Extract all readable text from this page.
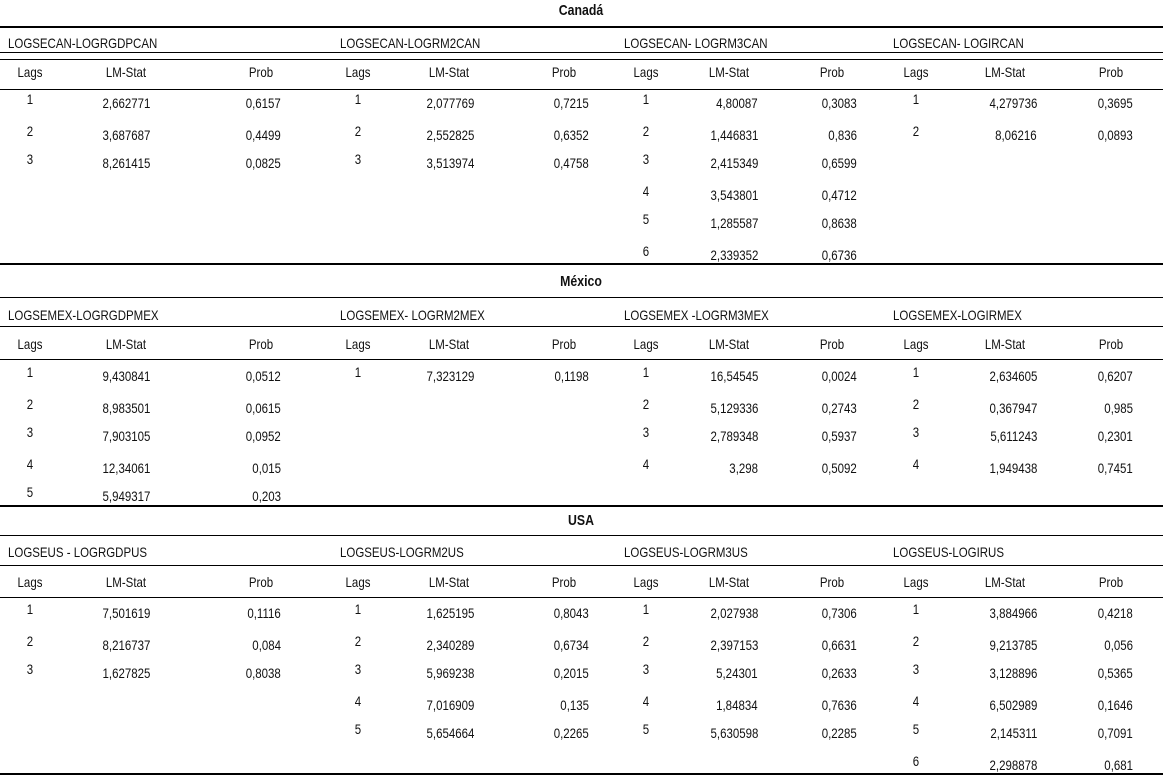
Canadá
LOGSECAN-LOGRGDPCAN
Lags	LM-Stat	Prob
1	2,662771	0,6157
2	3,687687	0,4499
3	8,261415	0,0825
LOGSECAN-LOGRM2CAN
Lags	LM-Stat	Prob
1	2,077769	0,7215
2	2,552825	0,6352
3	3,513974	0,4758
LOGSECAN- LOGRM3CAN
Lags	LM-Stat	Prob
1	4,80087	0,3083
2	1,446831	0,836
3	2,415349	0,6599
4	3,543801	0,4712
5	1,285587	0,8638
6	2,339352	0,6736
LOGSECAN- LOGIRCAN
Lags	LM-Stat	Prob
1	4,279736	0,3695
2	8,06216	0,0893
México
LOGSEMEX-LOGRGDPMEX
Lags	LM-Stat	Prob
1	9,430841	0,0512
2	8,983501	0,0615
3	7,903105	0,0952
4	12,34061	0,015
5	5,949317	0,203
LOGSEMEX- LOGRM2MEX
Lags	LM-Stat	Prob
1	7,323129	0,1198
LOGSEMEX -LOGRM3MEX
Lags	LM-Stat	Prob
1	16,54545	0,0024
2	5,129336	0,2743
3	2,789348	0,5937
4	3,298	0,5092
LOGSEMEX-LOGIRMEX
Lags	LM-Stat	Prob
1	2,634605	0,6207
2	0,367947	0,985
3	5,611243	0,2301
4	1,949438	0,7451
USA
LOGSEUS - LOGRGDPUS
Lags	LM-Stat	Prob
1	7,501619	0,1116
2	8,216737	0,084
3	1,627825	0,8038
LOGSEUS-LOGRM2US
Lags	LM-Stat	Prob
1	1,625195	0,8043
2	2,340289	0,6734
3	5,969238	0,2015
4	7,016909	0,135
5	5,654664	0,2265
LOGSEUS-LOGRM3US
Lags	LM-Stat	Prob
1	2,027938	0,7306
2	2,397153	0,6631
3	5,24301	0,2633
4	1,84834	0,7636
5	5,630598	0,2285
LOGSEUS-LOGIRUS
Lags	LM-Stat	Prob
1	3,884966	0,4218
2	9,213785	0,056
3	3,128896	0,5365
4	6,502989	0,1646
5	2,145311	0,7091
6	2,298878	0,681
